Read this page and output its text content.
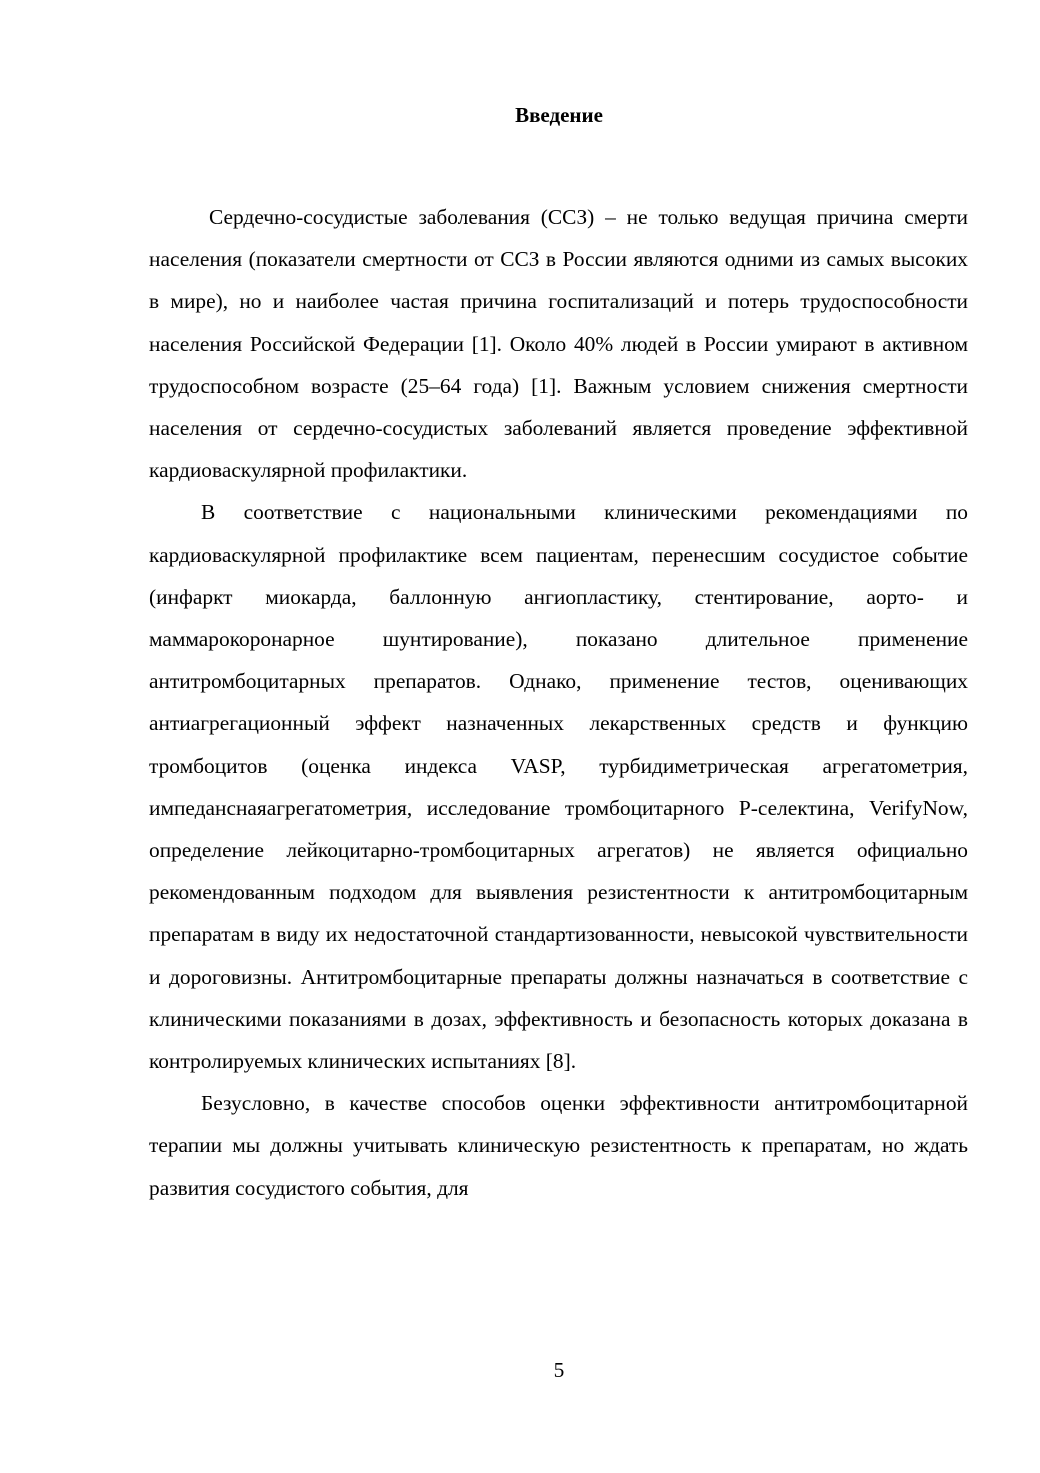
Введение

Сердечно-сосудистые заболевания (ССЗ) – не только ведущая причина смерти населения (показатели смертности от ССЗ в России являются одними из самых высоких в мире), но и наиболее частая причина госпитализаций и потерь трудоспособности населения Российской Федерации [1]. Около 40% людей в России умирают в активном трудоспособном возрасте (25–64 года) [1]. Важным условием снижения смертности населения от сердечно-сосудистых заболеваний является проведение эффективной кардиоваскулярной профилактики.

В соответствие с национальными клиническими рекомендациями по кардиоваскулярной профилактике всем пациентам, перенесшим сосудистое событие (инфаркт миокарда, баллонную ангиопластику, стентирование, аорто- и маммарокоронарное шунтирование), показано длительное применение антитромбоцитарных препаратов. Однако, применение тестов, оценивающих антиагрегационный эффект назначенных лекарственных средств и функцию тромбоцитов (оценка индекса VASP, турбидиметрическая агрегатометрия, импеданснаяагрегатометрия, исследование тромбоцитарного Р-селектина, VerifyNow, определение лейкоцитарно-тромбоцитарных агрегатов) не является официально рекомендованным подходом для выявления резистентности к антитромбоцитарным препаратам в виду их недостаточной стандартизованности, невысокой чувствительности и дороговизны. Антитромбоцитарные препараты должны назначаться в соответствие с клиническими показаниями в дозах, эффективность и безопасность которых доказана в контролируемых клинических испытаниях [8].

Безусловно, в качестве способов оценки эффективности антитромбоцитарной терапии мы должны учитывать клиническую резистентность к препаратам, но ждать развития сосудистого события, для

5
